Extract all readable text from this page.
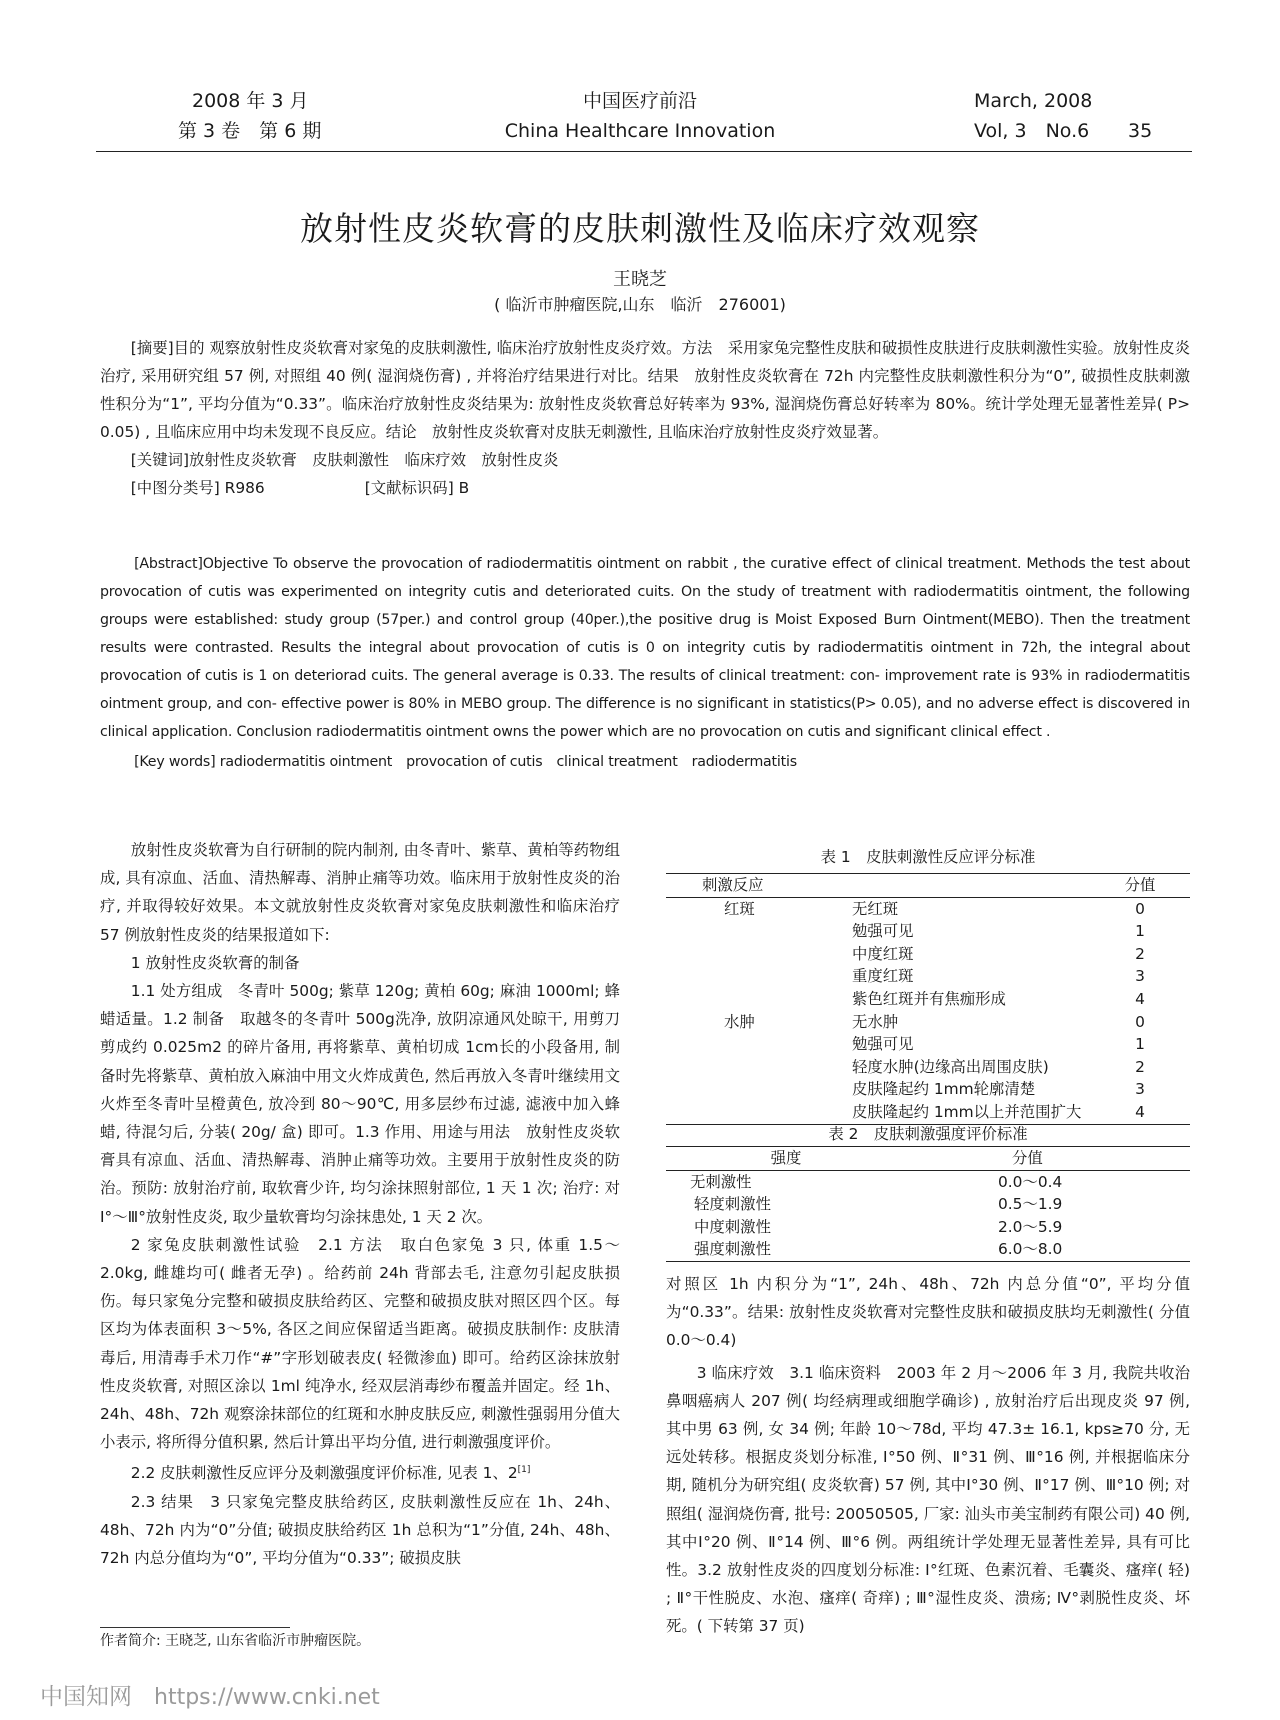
2008 年 3 月
第 3 卷　第 6 期
中国医疗前沿
China Healthcare Innovation
March, 2008
Vol, 3　No.6 35
放射性皮炎软膏的皮肤刺激性及临床疗效观察
王晓芝
( 临沂市肿瘤医院,山东　临沂　276001)

[摘要]目的 观察放射性皮炎软膏对家兔的皮肤刺激性, 临床治疗放射性皮炎疗效。方法　采用家兔完整性皮肤和破损性皮肤进行皮肤刺激性实验。放射性皮炎治疗, 采用研究组 57 例, 对照组 40 例( 湿润烧伤膏) , 并将治疗结果进行对比。结果　放射性皮炎软膏在 72h 内完整性皮肤刺激性积分为“0”, 破损性皮肤刺激性积分为“1”, 平均分值为“0.33”。临床治疗放射性皮炎结果为: 放射性皮炎软膏总好转率为 93%, 湿润烧伤膏总好转率为 80%。统计学处理无显著性差异( P> 0.05) , 且临床应用中均未发现不良反应。结论　放射性皮炎软膏对皮肤无刺激性, 且临床治疗放射性皮炎疗效显著。

[关键词]放射性皮炎软膏　皮肤刺激性　临床疗效　放射性皮炎

[中图分类号] R986	[文献标识码] B

[Abstract]Objective To observe the provocation of radiodermatitis ointment on rabbit , the curative effect of clinical treatment. Methods the test about provocation of cutis was experimented on integrity cutis and deteriorated cuits. On the study of treatment with radiodermatitis ointment, the following groups were established: study group (57per.) and control group (40per.),the positive drug is Moist Exposed Burn Ointment(MEBO). Then the treatment results were contrasted. Results the integral about provocation of cutis is 0 on integrity cutis by radiodermatitis ointment in 72h, the integral about provocation of cutis is 1 on deteriorad cuits. The general average is 0.33. The results of clinical treatment: con- improvement rate is 93% in radiodermatitis ointment group, and con- effective power is 80% in MEBO group. The difference is no significant in statistics(P> 0.05), and no adverse effect is discovered in clinical application. Conclusion radiodermatitis ointment owns the power which are no provocation on cutis and significant clinical effect .

[Key words] radiodermatitis ointment　provocation of cutis　clinical treatment　radiodermatitis

放射性皮炎软膏为自行研制的院内制剂, 由冬青叶、紫草、黄柏等药物组成, 具有凉血、活血、清热解毒、消肿止痛等功效。临床用于放射性皮炎的治疗, 并取得较好效果。本文就放射性皮炎软膏对家兔皮肤刺激性和临床治疗 57 例放射性皮炎的结果报道如下:

1 放射性皮炎软膏的制备

1.1 处方组成　冬青叶 500g; 紫草 120g; 黄柏 60g; 麻油 1000ml; 蜂蜡适量。1.2 制备　取越冬的冬青叶 500g洗净, 放阴凉通风处晾干, 用剪刀剪成约 0.025m2 的碎片备用, 再将紫草、黄柏切成 1cm长的小段备用, 制备时先将紫草、黄柏放入麻油中用文火炸成黄色, 然后再放入冬青叶继续用文火炸至冬青叶呈橙黄色, 放冷到 80～90℃, 用多层纱布过滤, 滤液中加入蜂蜡, 待混匀后, 分装( 20g/ 盒) 即可。1.3 作用、用途与用法　放射性皮炎软膏具有凉血、活血、清热解毒、消肿止痛等功效。主要用于放射性皮炎的防治。预防: 放射治疗前, 取软膏少许, 均匀涂抹照射部位, 1 天 1 次; 治疗: 对Ⅰ°～Ⅲ°放射性皮炎, 取少量软膏均匀涂抹患处, 1 天 2 次。

2 家兔皮肤刺激性试验　2.1 方法　取白色家兔 3 只, 体重 1.5～2.0kg, 雌雄均可( 雌者无孕) 。给药前 24h 背部去毛, 注意勿引起皮肤损伤。每只家兔分完整和破损皮肤给药区、完整和破损皮肤对照区四个区。每区均为体表面积 3～5%, 各区之间应保留适当距离。破损皮肤制作: 皮肤清毒后, 用清毒手术刀作“#”字形划破表皮( 轻微渗血) 即可。给药区涂抹放射性皮炎软膏, 对照区涂以 1ml 纯净水, 经双层消毒纱布覆盖并固定。经 1h、24h、48h、72h 观察涂抹部位的红斑和水肿皮肤反应, 刺激性强弱用分值大小表示, 将所得分值积累, 然后计算出平均分值, 进行刺激强度评价。

2.2 皮肤刺激性反应评分及刺激强度评价标准, 见表 1、2[1]

2.3 结果　3 只家兔完整皮肤给药区, 皮肤刺激性反应在 1h、24h、48h、72h 内为“0”分值; 破损皮肤给药区 1h 总积为“1”分值, 24h、48h、72h 内总分值均为“0”, 平均分值为“0.33”; 破损皮肤

作者简介: 王晓芝, 山东省临沂市肿瘤医院。
表 1　皮肤刺激性反应评分标准
刺激反应		分值
红斑	无红斑	0
	勉强可见	1
	中度红斑	2
	重度红斑	3
	紫色红斑并有焦痂形成	4
水肿	无水肿	0
	勉强可见	1
	轻度水肿(边缘高出周围皮肤)	2
	皮肤隆起约 1mm轮廓清楚	3
	皮肤隆起约 1mm以上并范围扩大	4
表 2　皮肤刺激强度评价标准
强度	分值
无刺激性	0.0～0.4
轻度刺激性	0.5～1.9
中度刺激性	2.0～5.9
强度刺激性	6.0～8.0

对照区 1h 内积分为“1”, 24h、48h、72h 内总分值“0”, 平均分值为“0.33”。结果: 放射性皮炎软膏对完整性皮肤和破损皮肤均无刺激性( 分值 0.0～0.4)

3 临床疗效　3.1 临床资料　2003 年 2 月～2006 年 3 月, 我院共收治鼻咽癌病人 207 例( 均经病理或细胞学确诊) , 放射治疗后出现皮炎 97 例, 其中男 63 例, 女 34 例; 年龄 10～78d, 平均 47.3± 16.1, kps≥70 分, 无远处转移。根据皮炎划分标准, Ⅰ°50 例、Ⅱ°31 例、Ⅲ°16 例, 并根据临床分期, 随机分为研究组( 皮炎软膏) 57 例, 其中Ⅰ°30 例、Ⅱ°17 例、Ⅲ°10 例; 对照组( 湿润烧伤膏, 批号: 20050505, 厂家: 汕头市美宝制药有限公司) 40 例, 其中Ⅰ°20 例、Ⅱ°14 例、Ⅲ°6 例。两组统计学处理无显著性差异, 具有可比性。3.2 放射性皮炎的四度划分标准: Ⅰ°红斑、色素沉着、毛囊炎、瘙痒( 轻) ; Ⅱ°干性脱皮、水泡、瘙痒( 奇痒) ; Ⅲ°湿性皮炎、溃疡; Ⅳ°剥脱性皮炎、坏死。( 下转第 37 页)

中国知网 https://www.cnki.net
